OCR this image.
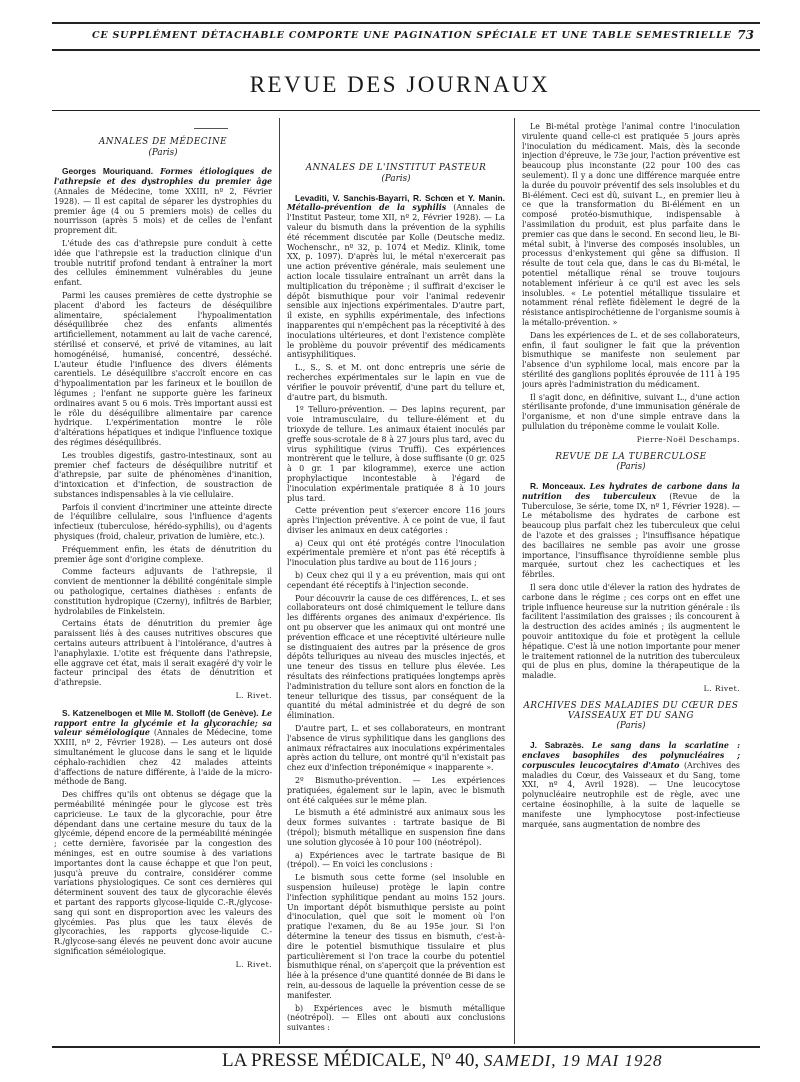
CE SUPPLÉMENT DÉTACHABLE COMPORTE UNE PAGINATION SPÉCIALE ET UNE TABLE SEMESTRIELLE 73
REVUE DES JOURNAUX
ANNALES DE MÉDECINE
(Paris)

Georges Mouriquand. Formes étiologiques de l'athrepsie et des dystrophies du premier âge (Annales de Médecine, tome XXIII, nº 2, Février 1928). — Il est capital de séparer les dystrophies du premier âge (4 ou 5 premiers mois) de celles du nourrisson (après 5 mois) et de celles de l'enfant proprement dit.

L'étude des cas d'athrepsie pure conduit à cette idée que l'athrepsie est la traduction clinique d'un trouble nutritif profond tendant à entraîner la mort des cellules éminemment vulnérables du jeune enfant.

Parmi les causes premières de cette dystrophie se placent d'abord les facteurs de déséquilibre alimentaire, spécialement l'hypoalimentation déséquilibrée chez des enfants alimentés artificiellement, notamment au lait de vache carencé, stérilisé et conservé, et privé de vitamines, au lait homogénéisé, humanisé, concentré, desséché. L'auteur étudie l'influence des divers éléments carentiels. Le déséquilibre s'accroît encore en cas d'hypoalimentation par les farineux et le bouillon de légumes ; l'enfant ne supporte guère les farineux ordinaires avant 5 ou 6 mois. Très important aussi est le rôle du déséquilibre alimentaire par carence hydrique. L'expérimentation montre le rôle d'altérations hépatiques et indique l'influence toxique des régimes déséquilibrés.

Les troubles digestifs, gastro-intestinaux, sont au premier chef facteurs de déséquilibre nutritif et d'athrepsie, par suite de phénomènes d'inanition, d'intoxication et d'infection, de soustraction de substances indispensables à la vie cellulaire.

Parfois il convient d'incriminer une atteinte directe de l'équilibre cellulaire, sous l'influence d'agents infectieux (tuberculose, hérédo-syphilis), ou d'agents physiques (froid, chaleur, privation de lumière, etc.).

Fréquemment enfin, les états de dénutrition du premier âge sont d'origine complexe.

Comme facteurs adjuvants de l'athrepsie, il convient de mentionner la débilité congénitale simple ou pathologique, certaines diathèses : enfants de constitution hydropique (Czerny), infiltrés de Barbier, hydrolabiles de Finkelstein.

Certains états de dénutrition du premier âge paraissent liés à des causes nutritives obscures que certains auteurs attribuent à l'intolérance, d'autres à l'anaphylaxie. L'otite est fréquente dans l'athrepsie, elle aggrave cet état, mais il serait exagéré d'y voir le facteur principal des états de dénutrition et d'athrepsie.

L. Rivet.

S. Katzenelbogen et Mlle M. Stolloff (de Genève). Le rapport entre la glycémie et la glycorachie; sa valeur séméiologique (Annales de Médecine, tome XXIII, nº 2, Février 1928). — Les auteurs ont dosé simultanément le glucose dans le sang et le liquide céphalo-rachidien chez 42 malades atteints d'affections de nature différente, à l'aide de la micro-méthode de Bang.

Des chiffres qu'ils ont obtenus se dégage que la perméabilité méningée pour le glycose est très capricieuse. Le taux de la glycorachie, pour être dépendant dans une certaine mesure du taux de la glycémie, dépend encore de la perméabilité méningée ; cette dernière, favorisée par la congestion des méninges, est en outre soumise à des variations importantes dont la cause échappe et que l'on peut, jusqu'à preuve du contraire, considérer comme variations physiologiques. Ce sont ces dernières qui déterminent souvent des taux de glycorachie élevés et partant des rapports glycose-liquide C.-R./glycose-sang qui sont en disproportion avec les valeurs des glycémies. Pas plus que les taux élevés de glycorachies, les rapports glycose-liquide C.-R./glycose-sang élevés ne peuvent donc avoir aucune signification séméiologique.

L. Rivet.
ANNALES DE L'INSTITUT PASTEUR
(Paris)

Levaditi, V. Sanchis-Bayarri, R. Schœn et Y. Manin. Métallo-prévention de la syphilis (Annales de l'Institut Pasteur, tome XII, nº 2, Février 1928). — La valeur du bismuth dans la prévention de la syphilis été récemment discutée par Kolle (Deutsche mediz. Wochenschr., nº 32, p. 1074 et Mediz. Klinik, tome XX, p. 1097). D'après lui, le métal n'exercerait pas une action préventive générale, mais seulement une action locale tissulaire entraînant un arrêt dans la multiplication du tréponème ; il suffirait d'exciser le dépôt bismuthique pour voir l'animal redevenir sensible aux injections expérimentales. D'autre part, il existe, en syphilis expérimentale, des infections inapparentes qui n'empêchent pas la réceptivité à des inoculations ultérieures, et dont l'existence complète le problème du pouvoir préventif des médicaments antisyphilitiques.

L., S., S. et M. ont donc entrepris une série de recherches expérimentales sur le lapin en vue de vérifier le pouvoir préventif, d'une part du tellure et, d'autre part, du bismuth.

1º Telluro-prévention. — Des lapins reçurent, par voie intramusculaire, du tellure-élément et du trioxyde de tellure. Les animaux étaient inoculés par greffe sous-scrotale de 8 à 27 jours plus tard, avec du virus syphilitique (virus Truffi). Ces expériences montrèrent que le tellure, à dose suffisante (0 gr. 025 à 0 gr. 1 par kilogramme), exerce une action prophylactique incontestable à l'égard de l'inoculation expérimentale pratiquée 8 à 10 jours plus tard.

Cette prévention peut s'exercer encore 116 jours après l'injection préventive. À ce point de vue, il faut diviser les animaux en deux catégories :

a) Ceux qui ont été protégés contre l'inoculation expérimentale première et n'ont pas été réceptifs à l'inoculation plus tardive au bout de 116 jours ;

b) Ceux chez qui il y a eu prévention, mais qui ont cependant été réceptifs à l'injection seconde.

Pour découvrir la cause de ces différences, L. et ses collaborateurs ont dosé chimiquement le tellure dans les différents organes des animaux d'expérience. Ils ont pu observer que les animaux qui ont montré une prévention efficace et une réceptivité ultérieure nulle se distinguaient des autres par la présence de gros dépôts telluriques au niveau des muscles injectés, et une teneur des tissus en tellure plus élevée. Les résultats des réinfections pratiquées longtemps après l'administration du tellure sont alors en fonction de la teneur tellurique des tissus, par conséquent de la quantité du métal administrée et du degré de son élimination.

D'autre part, L. et ses collaborateurs, en montrant l'absence de virus syphilitique dans les ganglions des animaux réfractaires aux inoculations expérimentales après action du tellure, ont montré qu'il n'existait pas chez eux d'infection tréponémique « inapparente ».

2º Bismutho-prévention. — Les expériences pratiquées, également sur le lapin, avec le bismuth ont été calquées sur le même plan.

Le bismuth a été administré aux animaux sous les deux formes suivantes : tartrate basique de Bi (trépol); bismuth métallique en suspension fine dans une solution glycosée à 10 pour 100 (néotrépol).

a) Expériences avec le tartrate basique de Bi (trépol). — En voici les conclusions :

Le bismuth sous cette forme (sel insoluble en suspension huileuse) protège le lapin contre l'infection syphilitique pendant au moins 152 jours. Un important dépôt bismuthique persiste au point d'inoculation, quel que soit le moment où l'on pratique l'examen, du 8e au 195e jour. Si l'on détermine la teneur des tissus en bismuth, c'est-à-dire le potentiel bismuthique tissulaire et plus particulièrement si l'on trace la courbe du potentiel bismuthique rénal, on s'aperçoit que la prévention est liée à la présence d'une quantité donnée de Bi dans le rein, au-dessous de laquelle la prévention cesse de se manifester.

b) Expériences avec le bismuth métallique (néotrépol). — Elles ont abouti aux conclusions suivantes :

Le Bi-métal protège l'animal contre l'inoculation virulente quand celle-ci est pratiquée 5 jours après l'inoculation du médicament. Mais, dès la seconde injection d'épreuve, le 73e jour, l'action préventive est beaucoup plus inconstante (22 pour 100 des cas seulement). Il y a donc une différence marquée entre la durée du pouvoir préventif des sels insolubles et du Bi-élément. Ceci est dû, suivant L., en premier lieu à ce que la transformation du Bi-élément en un composé protéo-bismuthique, indispensable à l'assimilation du produit, est plus parfaite dans le premier cas que dans le second. En second lieu, le Bi-métal subit, à l'inverse des composés insolubles, un processus d'enkystement qui gêne sa diffusion. Il résulte de tout cela que, dans le cas du Bi-métal, le potentiel métallique rénal se trouve toujours notablement inférieur à ce qu'il est avec les sels insolubles. « Le potentiel métallique tissulaire et notamment rénal reflète fidèlement le degré de la résistance antispirochétienne de l'organisme soumis à la métallo-prévention. »

Dans les expériences de L. et de ses collaborateurs, enfin, il faut souligner le fait que la prévention bismuthique se manifeste non seulement par l'absence d'un syphilome local, mais encore par la stérilité des ganglions poplités éprouvée de 111 à 195 jours après l'administration du médicament.

Il s'agit donc, en définitive, suivant L., d'une action stérilisante profonde, d'une immunisation générale de l'organisme, et non d'une simple entrave dans la pullulation du tréponème comme le voulait Kolle.

Pierre-Noël Deschamps.
REVUE DE LA TUBERCULOSE
(Paris)

R. Monceaux. Les hydrates de carbone dans la nutrition des tuberculeux (Revue de la Tuberculose, 3e série, tome IX, nº 1, Février 1928). — Le métabolisme des hydrates de carbone est beaucoup plus parfait chez les tuberculeux que celui de l'azote et des graisses ; l'insuffisance hépatique des bacillaires ne semble pas avoir une grosse importance, l'insuffisance thyroïdienne semble plus marquée, surtout chez les cachectiques et les fébriles.

Il sera donc utile d'élever la ration des hydrates de carbone dans le régime ; ces corps ont en effet une triple influence heureuse sur la nutrition générale : ils facilitent l'assimilation des graisses ; ils concourent à la destruction des acides aminés ; ils augmentent le pouvoir antitoxique du foie et protègent la cellule hépatique. C'est là une notion importante pour mener le traitement rationnel de la nutrition des tuberculeux qui de plus en plus, domine la thérapeutique de la maladie.

L. Rivet.
ARCHIVES DES MALADIES DU CŒUR DES VAISSEAUX ET DU SANG
(Paris)

J. Sabrazès. Le sang dans la scarlatine : enclaves basophiles des polynucléaires ; corpuscules leucocytaires d'Amato (Archives des maladies du Cœur, des Vaisseaux et du Sang, tome XXI, nº 4, Avril 1928). — Une leucocytose polynucléaire neutrophile est de règle, avec une certaine éosinophilie, à la suite de laquelle se manifeste une lymphocytose post-infectieuse marquée, sans augmentation de nombre des

LA PRESSE MÉDICALE, Nº 40, SAMEDI, 19 MAI 1928
